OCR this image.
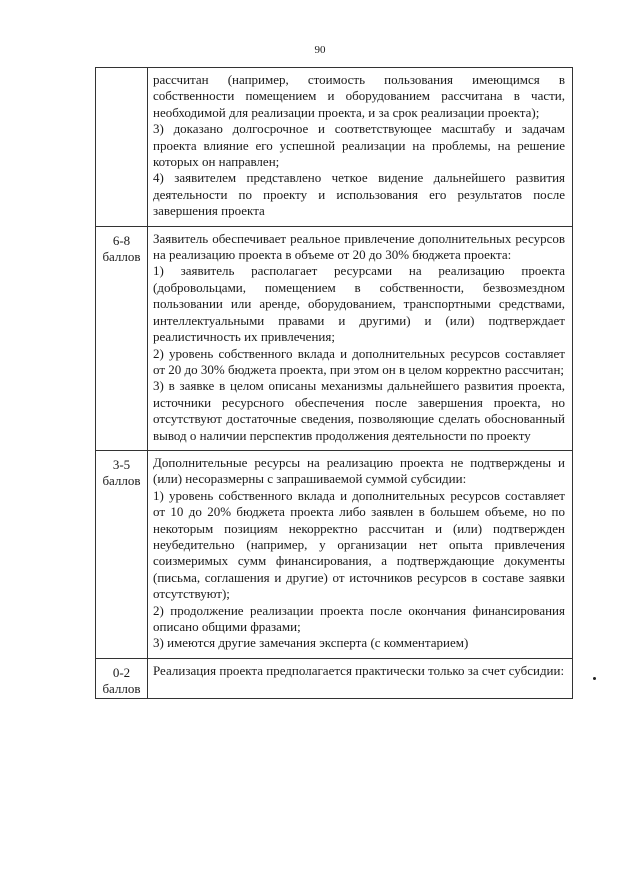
90

	рассчитан (например, стоимость пользования имеющимся в собственности помещением и оборудованием рассчитана в части, необходимой для реализации проекта, и за срок реализации проекта);

3) доказано долгосрочное и соответствующее масштабу и задачам проекта влияние его успешной реализации на проблемы, на решение которых он направлен;

4) заявителем представлено четкое видение дальнейшего развития деятельности по проекту и использования его результатов после завершения проекта

6-8 баллов	Заявитель обеспечивает реальное привлечение дополнительных ресурсов на реализацию проекта в объеме от 20 до 30% бюджета проекта:

1) заявитель располагает ресурсами на реализацию проекта (добровольцами, помещением в собственности, безвозмездном пользовании или аренде, оборудованием, транспортными средствами, интеллектуальными правами и другими) и (или) подтверждает реалистичность их привлечения;

2) уровень собственного вклада и дополнительных ресурсов составляет от 20 до 30% бюджета проекта, при этом он в целом корректно рассчитан;

3) в заявке в целом описаны механизмы дальнейшего развития проекта, источники ресурсного обеспечения после завершения проекта, но отсутствуют достаточные сведения, позволяющие сделать обоснованный вывод о наличии перспектив продолжения деятельности по проекту

3-5 баллов	Дополнительные ресурсы на реализацию проекта не подтверждены и (или) несоразмерны с запрашиваемой суммой субсидии:

1) уровень собственного вклада и дополнительных ресурсов составляет от 10 до 20% бюджета проекта либо заявлен в большем объеме, но по некоторым позициям некорректно рассчитан и (или) подтвержден неубедительно (например, у организации нет опыта привлечения соизмеримых сумм финансирования, а подтверждающие документы (письма, соглашения и другие) от источников ресурсов в составе заявки отсутствуют);

2) продолжение реализации проекта после окончания финансирования описано общими фразами;

3) имеются другие замечания эксперта (с комментарием)

0-2 баллов	Реализация проекта предполагается практически только за счет субсидии:
